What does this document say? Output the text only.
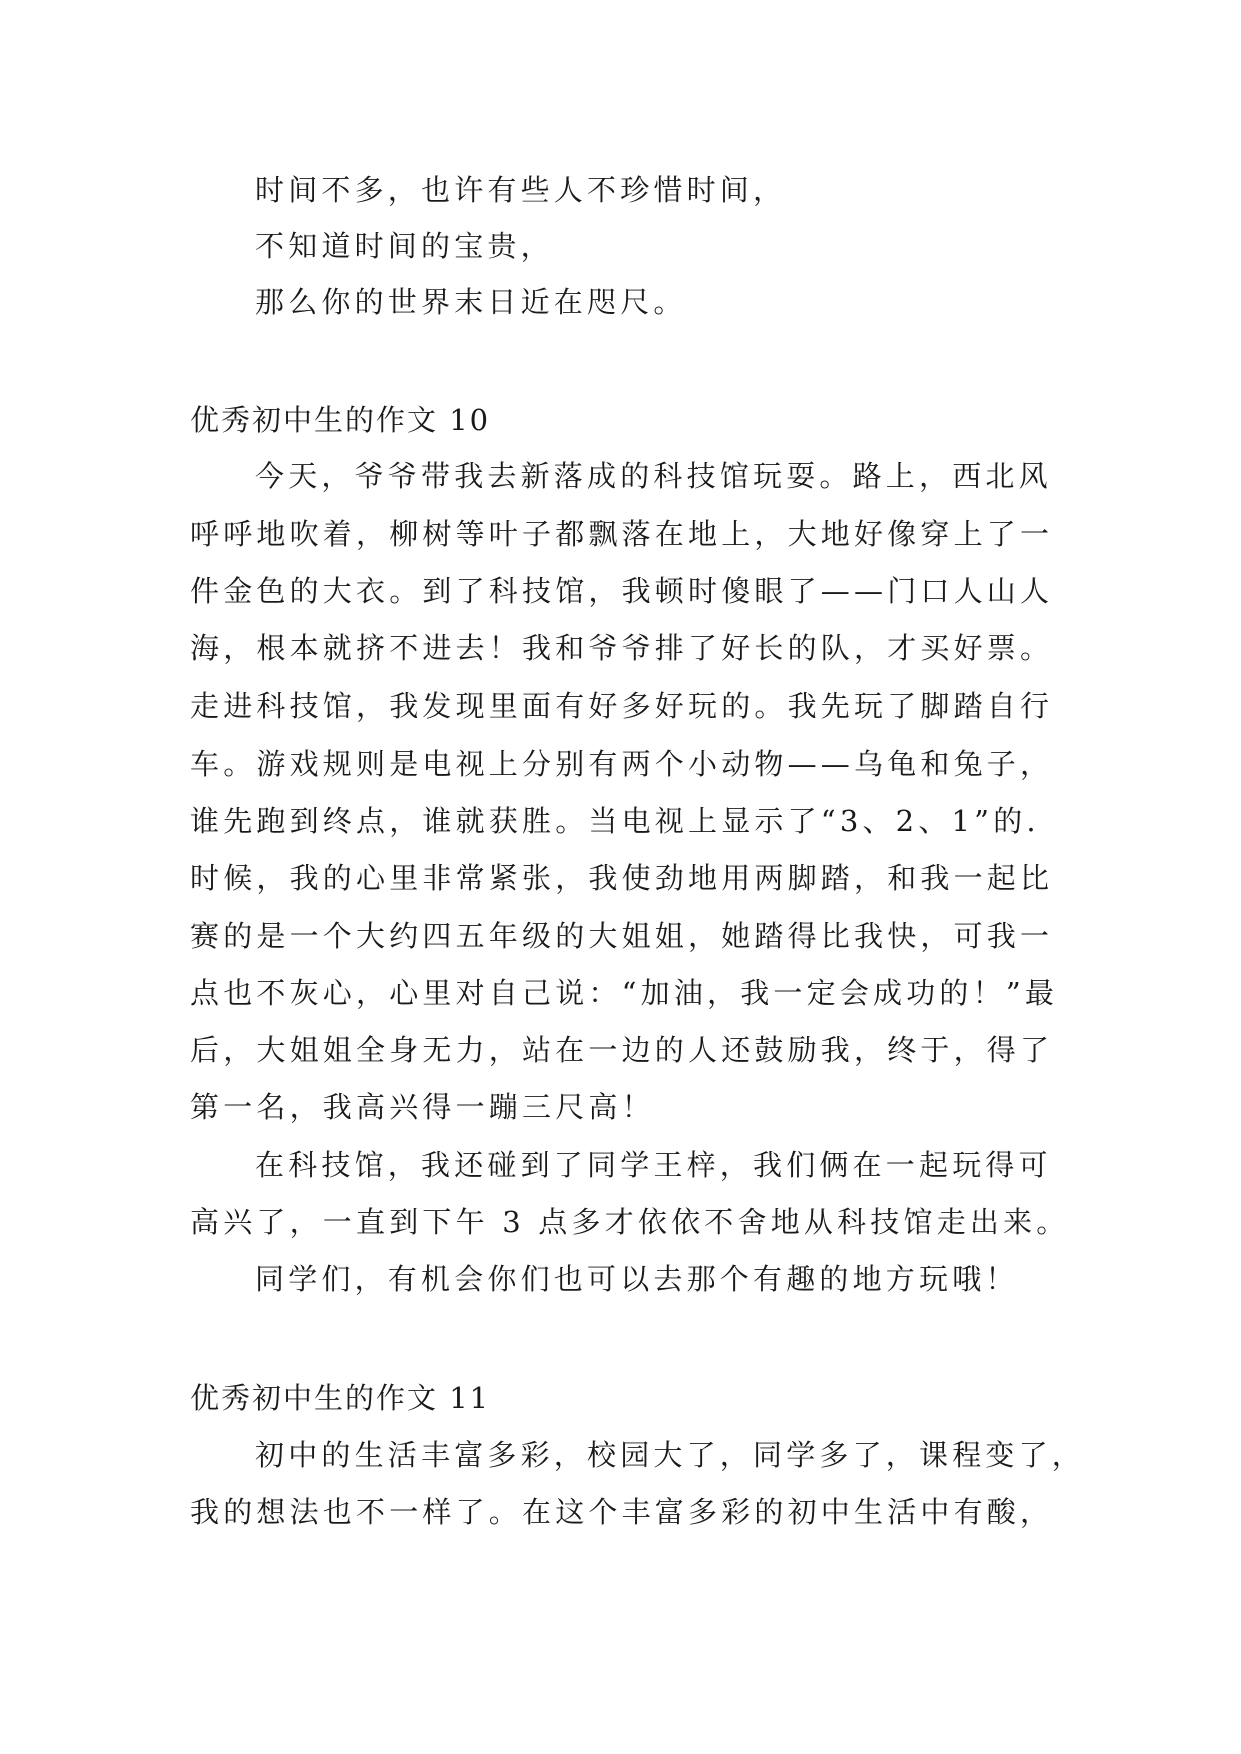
时间不多，也许有些人不珍惜时间，
不知道时间的宝贵，
那么你的世界末日近在咫尺。
优秀初中生的作文 10
今天，爷爷带我去新落成的科技馆玩耍。路上，西北风
呼呼地吹着，柳树等叶子都飘落在地上，大地好像穿上了一
件金色的大衣。到了科技馆，我顿时傻眼了——门口人山人
海，根本就挤不进去！我和爷爷排了好长的队，才买好票。
走进科技馆，我发现里面有好多好玩的。我先玩了脚踏自行
车。游戏规则是电视上分别有两个小动物——乌龟和兔子，
谁先跑到终点，谁就获胜。当电视上显示了“3、2、1”的.
时候，我的心里非常紧张，我使劲地用两脚踏，和我一起比
赛的是一个大约四五年级的大姐姐，她踏得比我快，可我一
点也不灰心，心里对自己说：“加油，我一定会成功的！”最
后，大姐姐全身无力，站在一边的人还鼓励我，终于，得了
第一名，我高兴得一蹦三尺高！
在科技馆，我还碰到了同学王梓，我们俩在一起玩得可
高兴了，一直到下午 3 点多才依依不舍地从科技馆走出来。
同学们，有机会你们也可以去那个有趣的地方玩哦！
优秀初中生的作文 11
初中的生活丰富多彩，校园大了，同学多了，课程变了，
我的想法也不一样了。在这个丰富多彩的初中生活中有酸，
